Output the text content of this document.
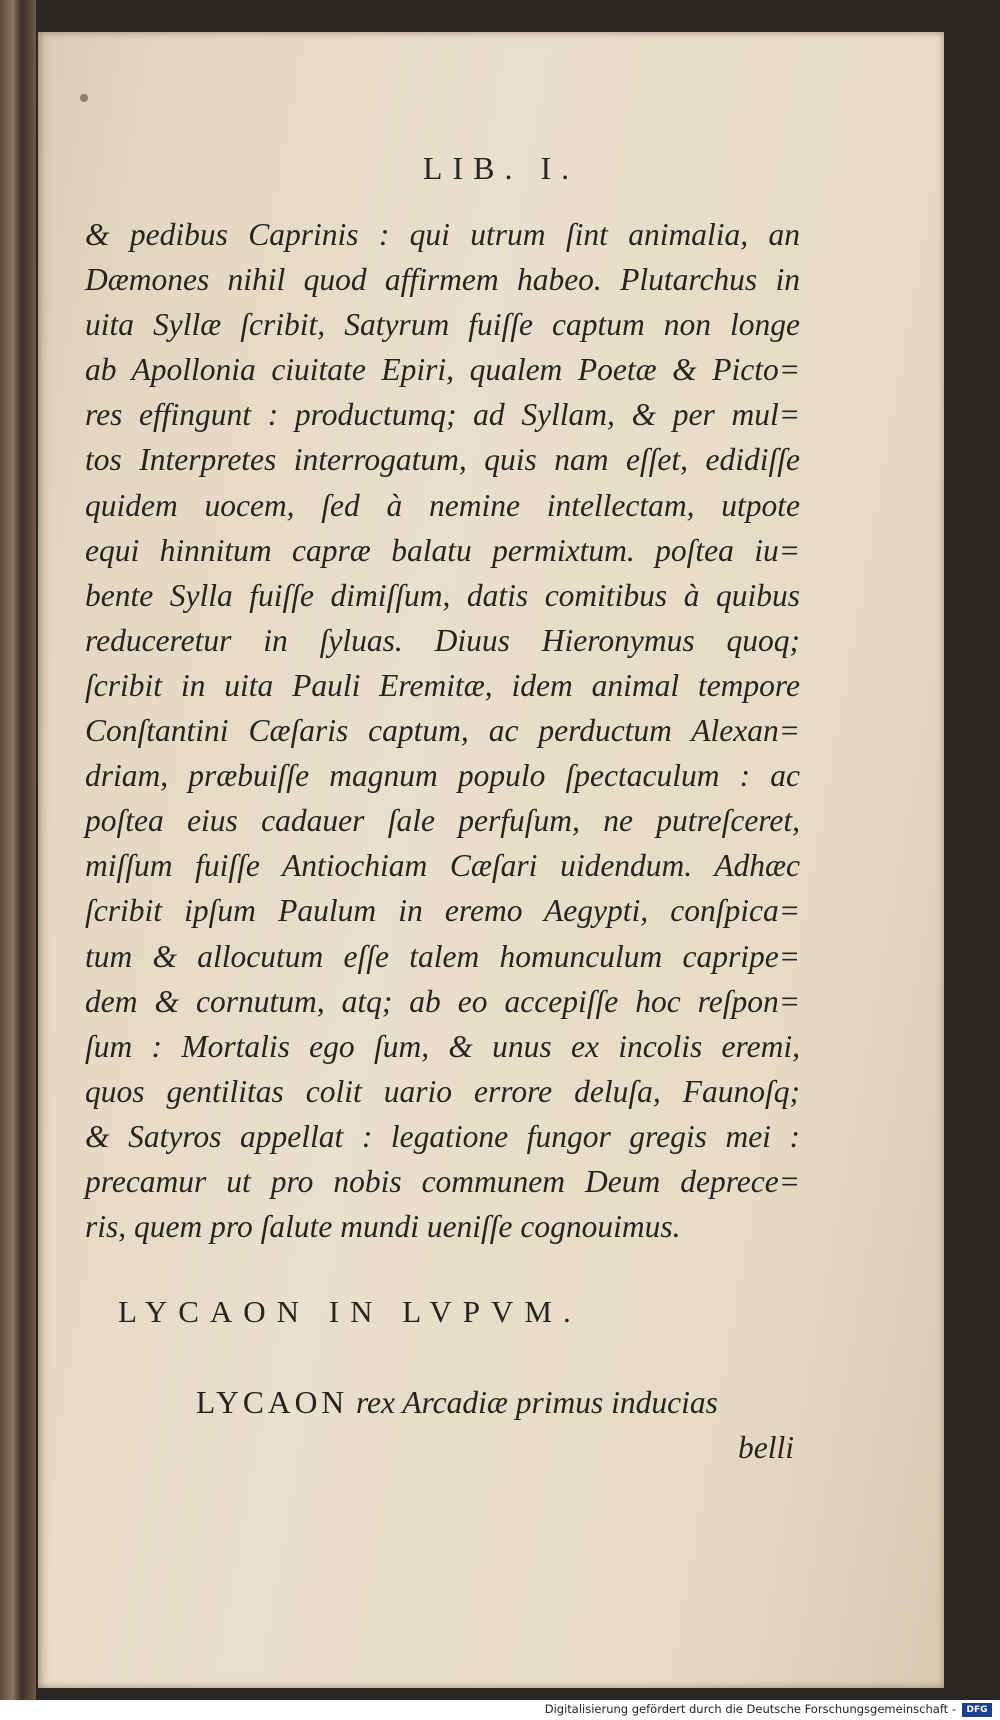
LIB. I.
& pedibus Caprinis : qui utrum ſint animalia, an
Dæmones nihil quod affirmem habeo. Plutarchus in
uita Syllæ ſcribit, Satyrum fuiſſe captum non longe
ab Apollonia ciuitate Epiri, qualem Poetæ & Picto=
res effingunt : productumq; ad Syllam, & per mul=
tos Interpretes interrogatum, quis nam eſſet, edidiſſe
quidem uocem, ſed à nemine intellectam, utpote
equi hinnitum capræ balatu permixtum. poſtea iu=
bente Sylla fuiſſe dimiſſum, datis comitibus à quibus
reduceretur in ſyluas. Diuus Hieronymus quoq;
ſcribit in uita Pauli Eremitæ, idem animal tempore
Conſtantini Cæſaris captum, ac perductum Alexan=
driam, præbuiſſe magnum populo ſpectaculum : ac
poſtea eius cadauer ſale perfuſum, ne putreſceret,
miſſum fuiſſe Antiochiam Cæſari uidendum. Adhæc
ſcribit ipſum Paulum in eremo Aegypti, conſpica=
tum & allocutum eſſe talem homunculum capripe=
dem & cornutum, atq; ab eo accepiſſe hoc reſpon=
ſum : Mortalis ego ſum, & unus ex incolis eremi,
quos gentilitas colit uario errore deluſa, Faunoſq;
& Satyros appellat : legatione fungor gregis mei :
precamur ut pro nobis communem Deum deprece=
ris, quem pro ſalute mundi ueniſſe cognouimus.
LYCAON IN LVPVM.
LYCAON rex Arcadiæ primus inducias
belli
Digitalisierung gefördert durch die Deutsche Forschungsgemeinschaft -	DFG
